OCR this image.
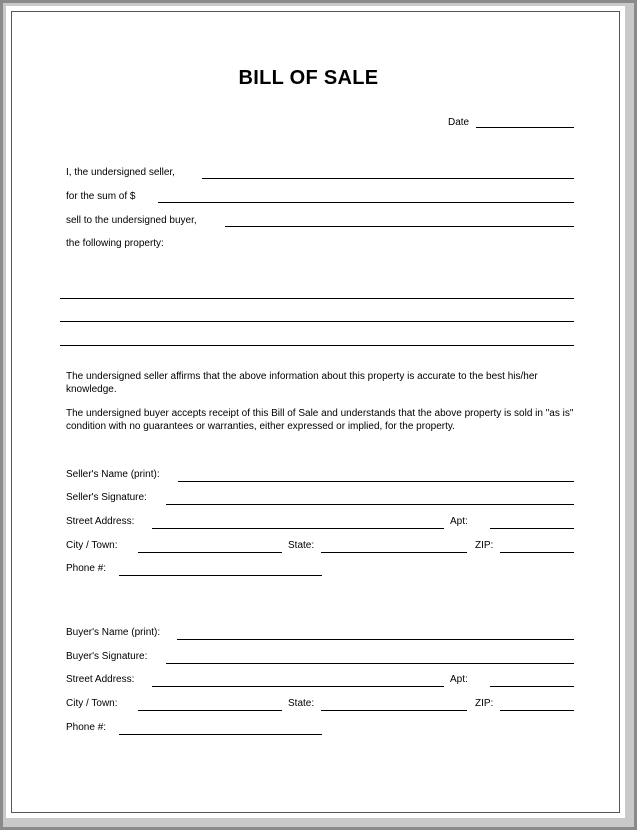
BILL OF SALE
Date
I, the undersigned seller,
for the sum of $
sell to the undersigned buyer,
the following property:
The undersigned seller affirms that the above information about this property is accurate to the best his/her knowledge.
The undersigned buyer accepts receipt of this Bill of Sale and understands that the above property is sold in "as is" condition with no guarantees or warranties, either expressed or implied, for the property.
Seller's Name (print):
Seller's Signature:
Street Address:	Apt:
City / Town:	State:	ZIP:
Phone #:
Buyer's Name (print):
Buyer's Signature:
Street Address:	Apt:
City / Town:	State:	ZIP:
Phone #:
